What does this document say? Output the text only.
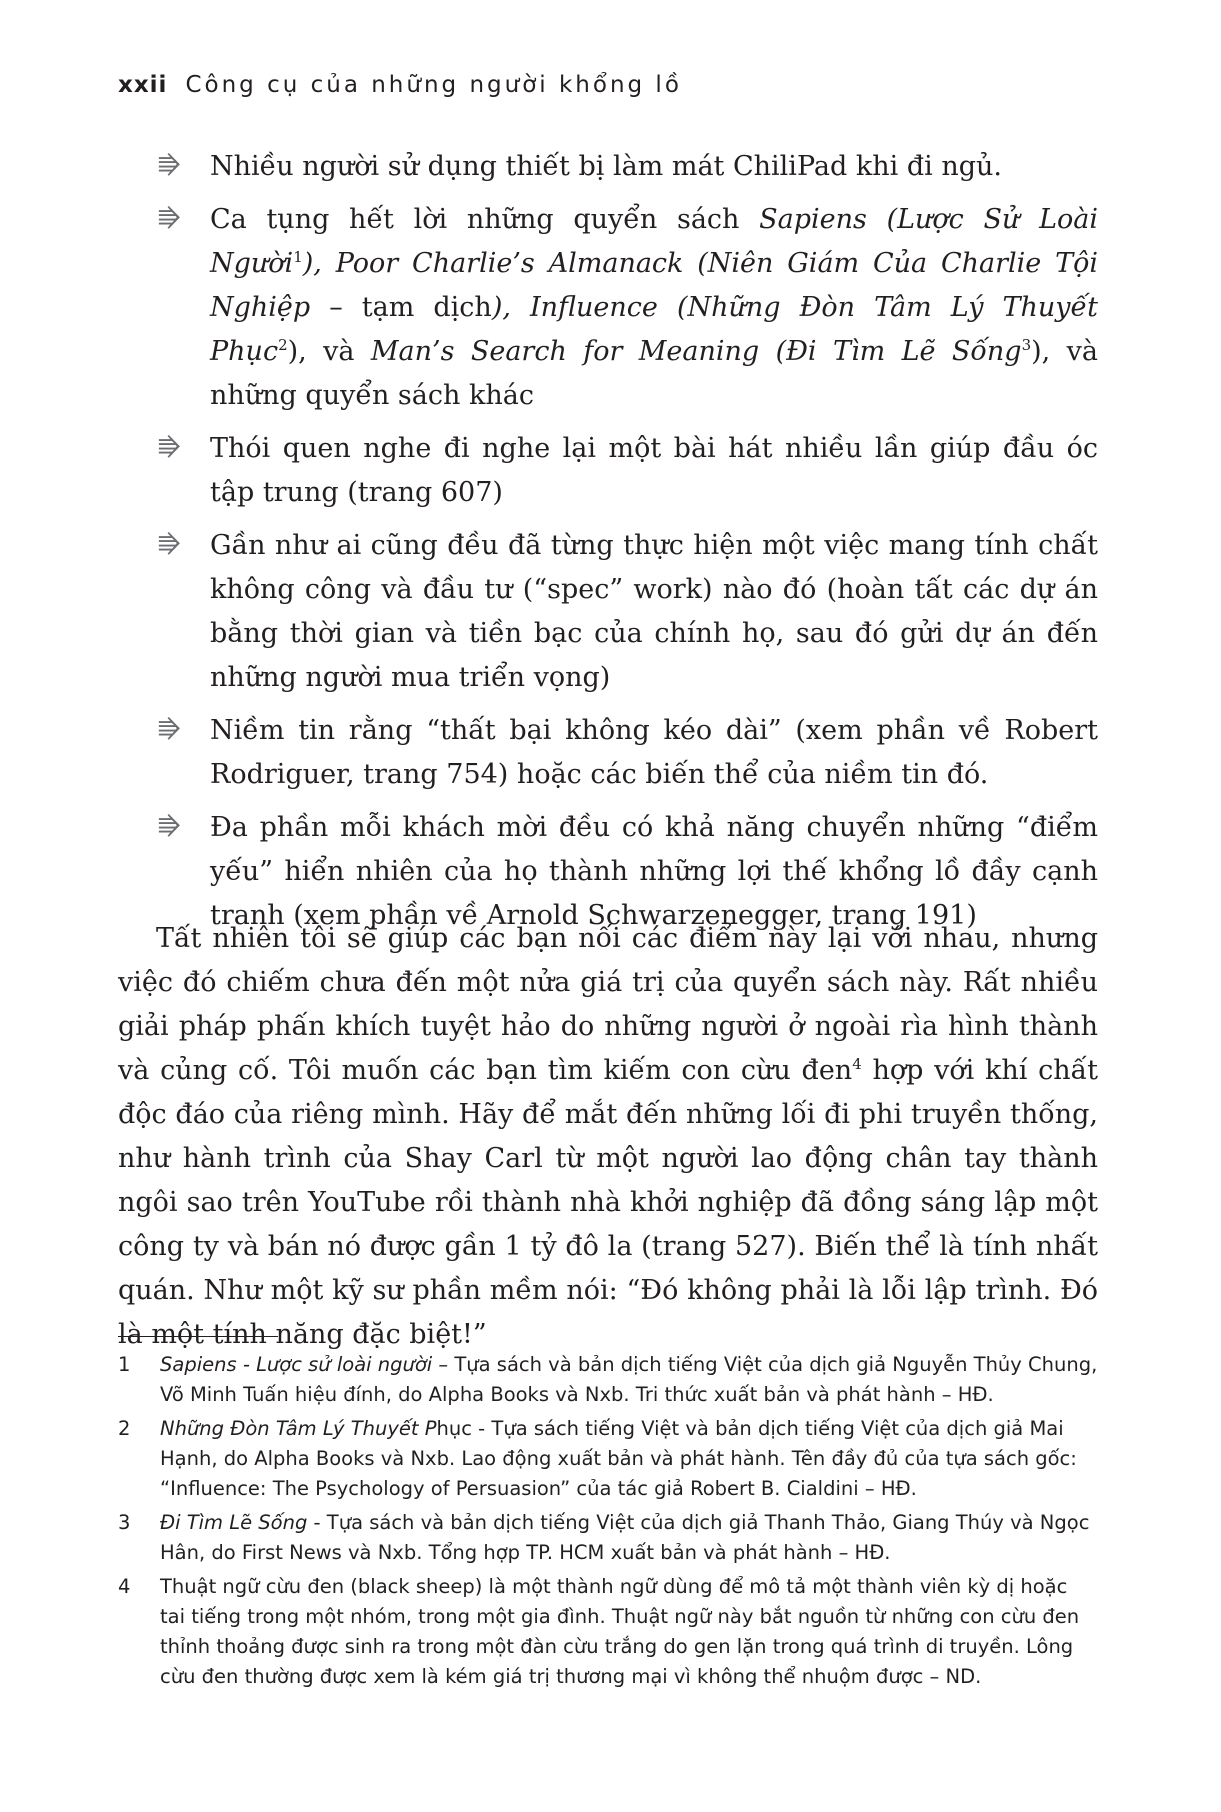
xxii Công cụ của những người khổng lồ
⭆ Nhiều người sử dụng thiết bị làm mát ChiliPad khi đi ngủ.
⭆ Ca tụng hết lời những quyển sách Sapiens (Lược Sử Loài Người$^1$), Poor Charlie’s Almanack (Niên Giám Của Charlie Tội Nghiệp – tạm dịch), Influence (Những Đòn Tâm Lý Thuyết Phục$^2$), và Man’s Search for Meaning (Đi Tìm Lẽ Sống$^3$), và những quyển sách khác
⭆ Thói quen nghe đi nghe lại một bài hát nhiều lần giúp đầu óc tập trung (trang 607)
⭆ Gần như ai cũng đều đã từng thực hiện một việc mang tính chất không công và đầu tư (“spec” work) nào đó (hoàn tất các dự án bằng thời gian và tiền bạc của chính họ, sau đó gửi dự án đến những người mua triển vọng)
⭆ Niềm tin rằng “thất bại không kéo dài” (xem phần về Robert Rodriguer, trang 754) hoặc các biến thể của niềm tin đó.
⭆ Đa phần mỗi khách mời đều có khả năng chuyển những “điểm yếu” hiển nhiên của họ thành những lợi thế khổng lồ đầy cạnh tranh (xem phần về Arnold Schwarzenegger, trang 191)
Tất nhiên tôi sẽ giúp các bạn nối các điểm này lại với nhau, nhưng việc đó chiếm chưa đến một nửa giá trị của quyển sách này. Rất nhiều giải pháp phấn khích tuyệt hảo do những người ở ngoài rìa hình thành và củng cố. Tôi muốn các bạn tìm kiếm con cừu đen$^4$ hợp với khí chất độc đáo của riêng mình. Hãy để mắt đến những lối đi phi truyền thống, như hành trình của Shay Carl từ một người lao động chân tay thành ngôi sao trên YouTube rồi thành nhà khởi nghiệp đã đồng sáng lập một công ty và bán nó được gần 1 tỷ đô la (trang 527). Biến thể là tính nhất quán. Như một kỹ sư phần mềm nói: “Đó không phải là lỗi lập trình. Đó là một tính năng đặc biệt!”
1 Sapiens - Lược sử loài người – Tựa sách và bản dịch tiếng Việt của dịch giả Nguyễn Thủy Chung, Võ Minh Tuấn hiệu đính, do Alpha Books và Nxb. Tri thức xuất bản và phát hành – HĐ.
2 Những Đòn Tâm Lý Thuyết Phục - Tựa sách tiếng Việt và bản dịch tiếng Việt của dịch giả Mai Hạnh, do Alpha Books và Nxb. Lao động xuất bản và phát hành. Tên đầy đủ của tựa sách gốc: “Influence: The Psychology of Persuasion” của tác giả Robert B. Cialdini – HĐ.
3 Đi Tìm Lẽ Sống - Tựa sách và bản dịch tiếng Việt của dịch giả Thanh Thảo, Giang Thúy và Ngọc Hân, do First News và Nxb. Tổng hợp TP. HCM xuất bản và phát hành – HĐ.
4 Thuật ngữ cừu đen (black sheep) là một thành ngữ dùng để mô tả một thành viên kỳ dị hoặc tai tiếng trong một nhóm, trong một gia đình. Thuật ngữ này bắt nguồn từ những con cừu đen thỉnh thoảng được sinh ra trong một đàn cừu trắng do gen lặn trong quá trình di truyền. Lông cừu đen thường được xem là kém giá trị thương mại vì không thể nhuộm được – ND.
